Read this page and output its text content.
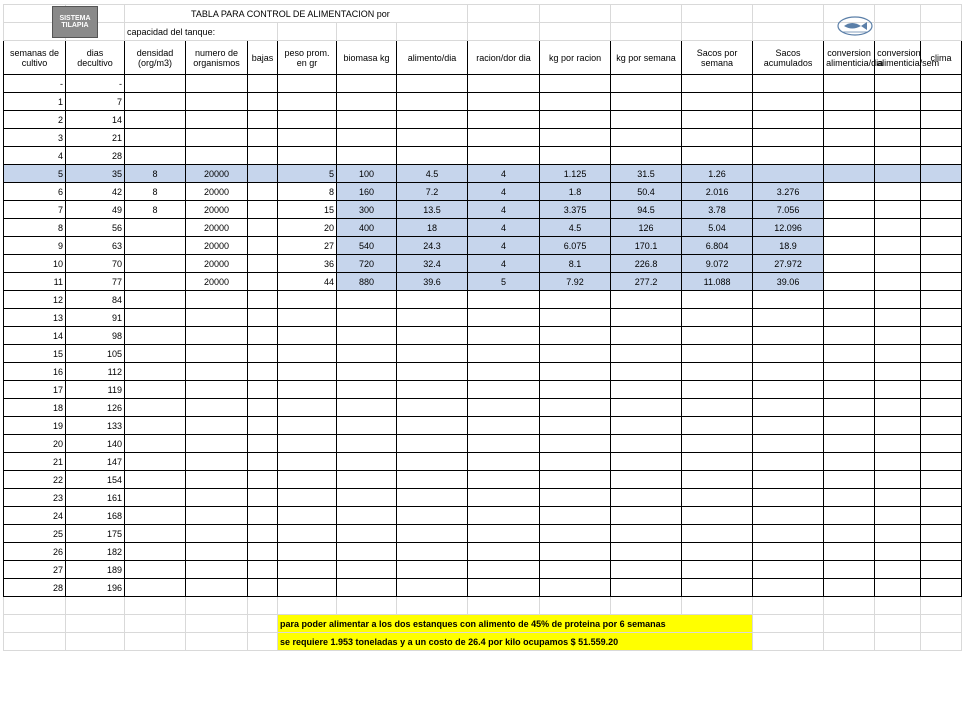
		TABLA PARA CONTROL DE ALIMENTACION por													
		capacidad del tanque:													
semanas de cultivo	dias decultivo	densidad (org/m3)	numero de organismos	bajas	peso prom. en gr	biomasa kg	alimento/dia	racion/dor dia	kg por racion	kg por semana	Sacos por semana	Sacos acumulados	conversion alimenticia/dia	conversion alimenticia/sem	clima
-	-														
1	7														
2	14														
3	21														
4	28														
5	35	8	20000		5	100	4.5	4	1.125	31.5	1.26				
6	42	8	20000		8	160	7.2	4	1.8	50.4	2.016	3.276			
7	49	8	20000		15	300	13.5	4	3.375	94.5	3.78	7.056			
8	56		20000		20	400	18	4	4.5	126	5.04	12.096			
9	63		20000		27	540	24.3	4	6.075	170.1	6.804	18.9			
10	70		20000		36	720	32.4	4	8.1	226.8	9.072	27.972			
11	77		20000		44	880	39.6	5	7.92	277.2	11.088	39.06			
12	84														
13	91														
14	98														
15	105														
16	112														
17	119														
18	126														
19	133														
20	140														
21	147														
22	154														
23	161														
24	168														
25	175														
26	182														
27	189														
28	196														

					para poder alimentar a los dos estanques con alimento de 45% de proteina por 6 semanas										
					se requiere 1.953 toneladas y a un costo de 26.4 por kilo ocupamos $ 51.559.20										
SISTEMA TILAPIA
